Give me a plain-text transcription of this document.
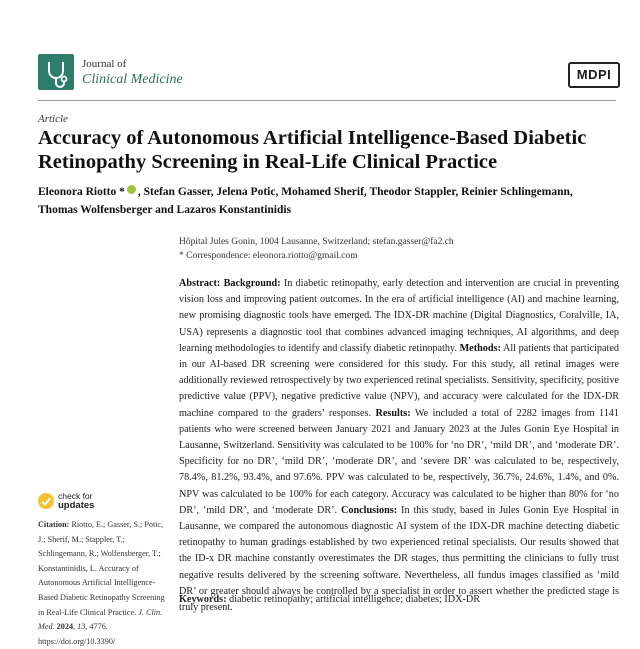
Journal of
Clinical Medicine	MDPI
Article
Accuracy of Autonomous Artificial Intelligence-Based Diabetic Retinopathy Screening in Real-Life Clinical Practice
Eleonora Riotto * , Stefan Gasser, Jelena Potic, Mohamed Sherif, Theodor Stappler, Reinier Schlingemann,
Thomas Wolfensberger and Lazaros Konstantinidis
Hôpital Jules Gonin, 1004 Lausanne, Switzerland; stefan.gasser@fa2.ch
* Correspondence: eleonora.riotto@gmail.com
Abstract: Background: In diabetic retinopathy, early detection and intervention are crucial in preventing vision loss and improving patient outcomes. In the era of artificial intelligence (AI) and machine learning, new promising diagnostic tools have emerged. The IDX-DR machine (Digital Diagnostics, Coralville, IA, USA) represents a diagnostic tool that combines advanced imaging techniques, AI algorithms, and deep learning methodologies to identify and classify diabetic retinopathy. Methods: All patients that participated in our AI-based DR screening were considered for this study. For this study, all retinal images were additionally reviewed retrospectively by two experienced retinal specialists. Sensitivity, specificity, positive predictive value (PPV), negative predictive value (NPV), and accuracy were calculated for the IDX-DR machine compared to the graders’ responses. Results: We included a total of 2282 images from 1141 patients who were screened between January 2021 and January 2023 at the Jules Gonin Eye Hospital in Lausanne, Switzerland. Sensitivity was calculated to be 100% for ‘no DR’, ‘mild DR’, and ‘moderate DR’. Specificity for no DR’, ‘mild DR’, ‘moderate DR’, and ‘severe DR’ was calculated to be, respectively, 78.4%, 81.2%, 93.4%, and 97.6%. PPV was calculated to be, respectively, 36.7%, 24.6%, 1.4%, and 0%. NPV was calculated to be 100% for each category. Accuracy was calculated to be higher than 80% for ‘no DR’, ‘mild DR’, and ‘moderate DR’. Conclusions: In this study, based in Jules Gonin Eye Hospital in Lausanne, we compared the autonomous diagnostic AI system of the IDX-DR machine detecting diabetic retinopathy to human gradings established by two experienced retinal specialists. Our results showed that the ID-x DR machine constantly overestimates the DR stages, thus permitting the clinicians to fully trust negative results delivered by the screening software. Nevertheless, all fundus images classified as ‘mild DR’ or greater should always be controlled by a specialist in order to assert whether the predicted stage is truly present.
check for
updates
Citation: Riotto, E.; Gasser, S.; Potic, J.; Sherif, M.; Stappler, T.; Schlingemann, R.; Wolfensberger, T.; Konstantinidis, L. Accuracy of Autonomous Artificial Intelligence-Based Diabetic Retinopathy Screening in Real-Life Clinical Practice. J. Clin. Med. 2024, 13, 4776. https://doi.org/10.3390/
Keywords: diabetic retinopathy; artificial intelligence; diabetes; IDX-DR
